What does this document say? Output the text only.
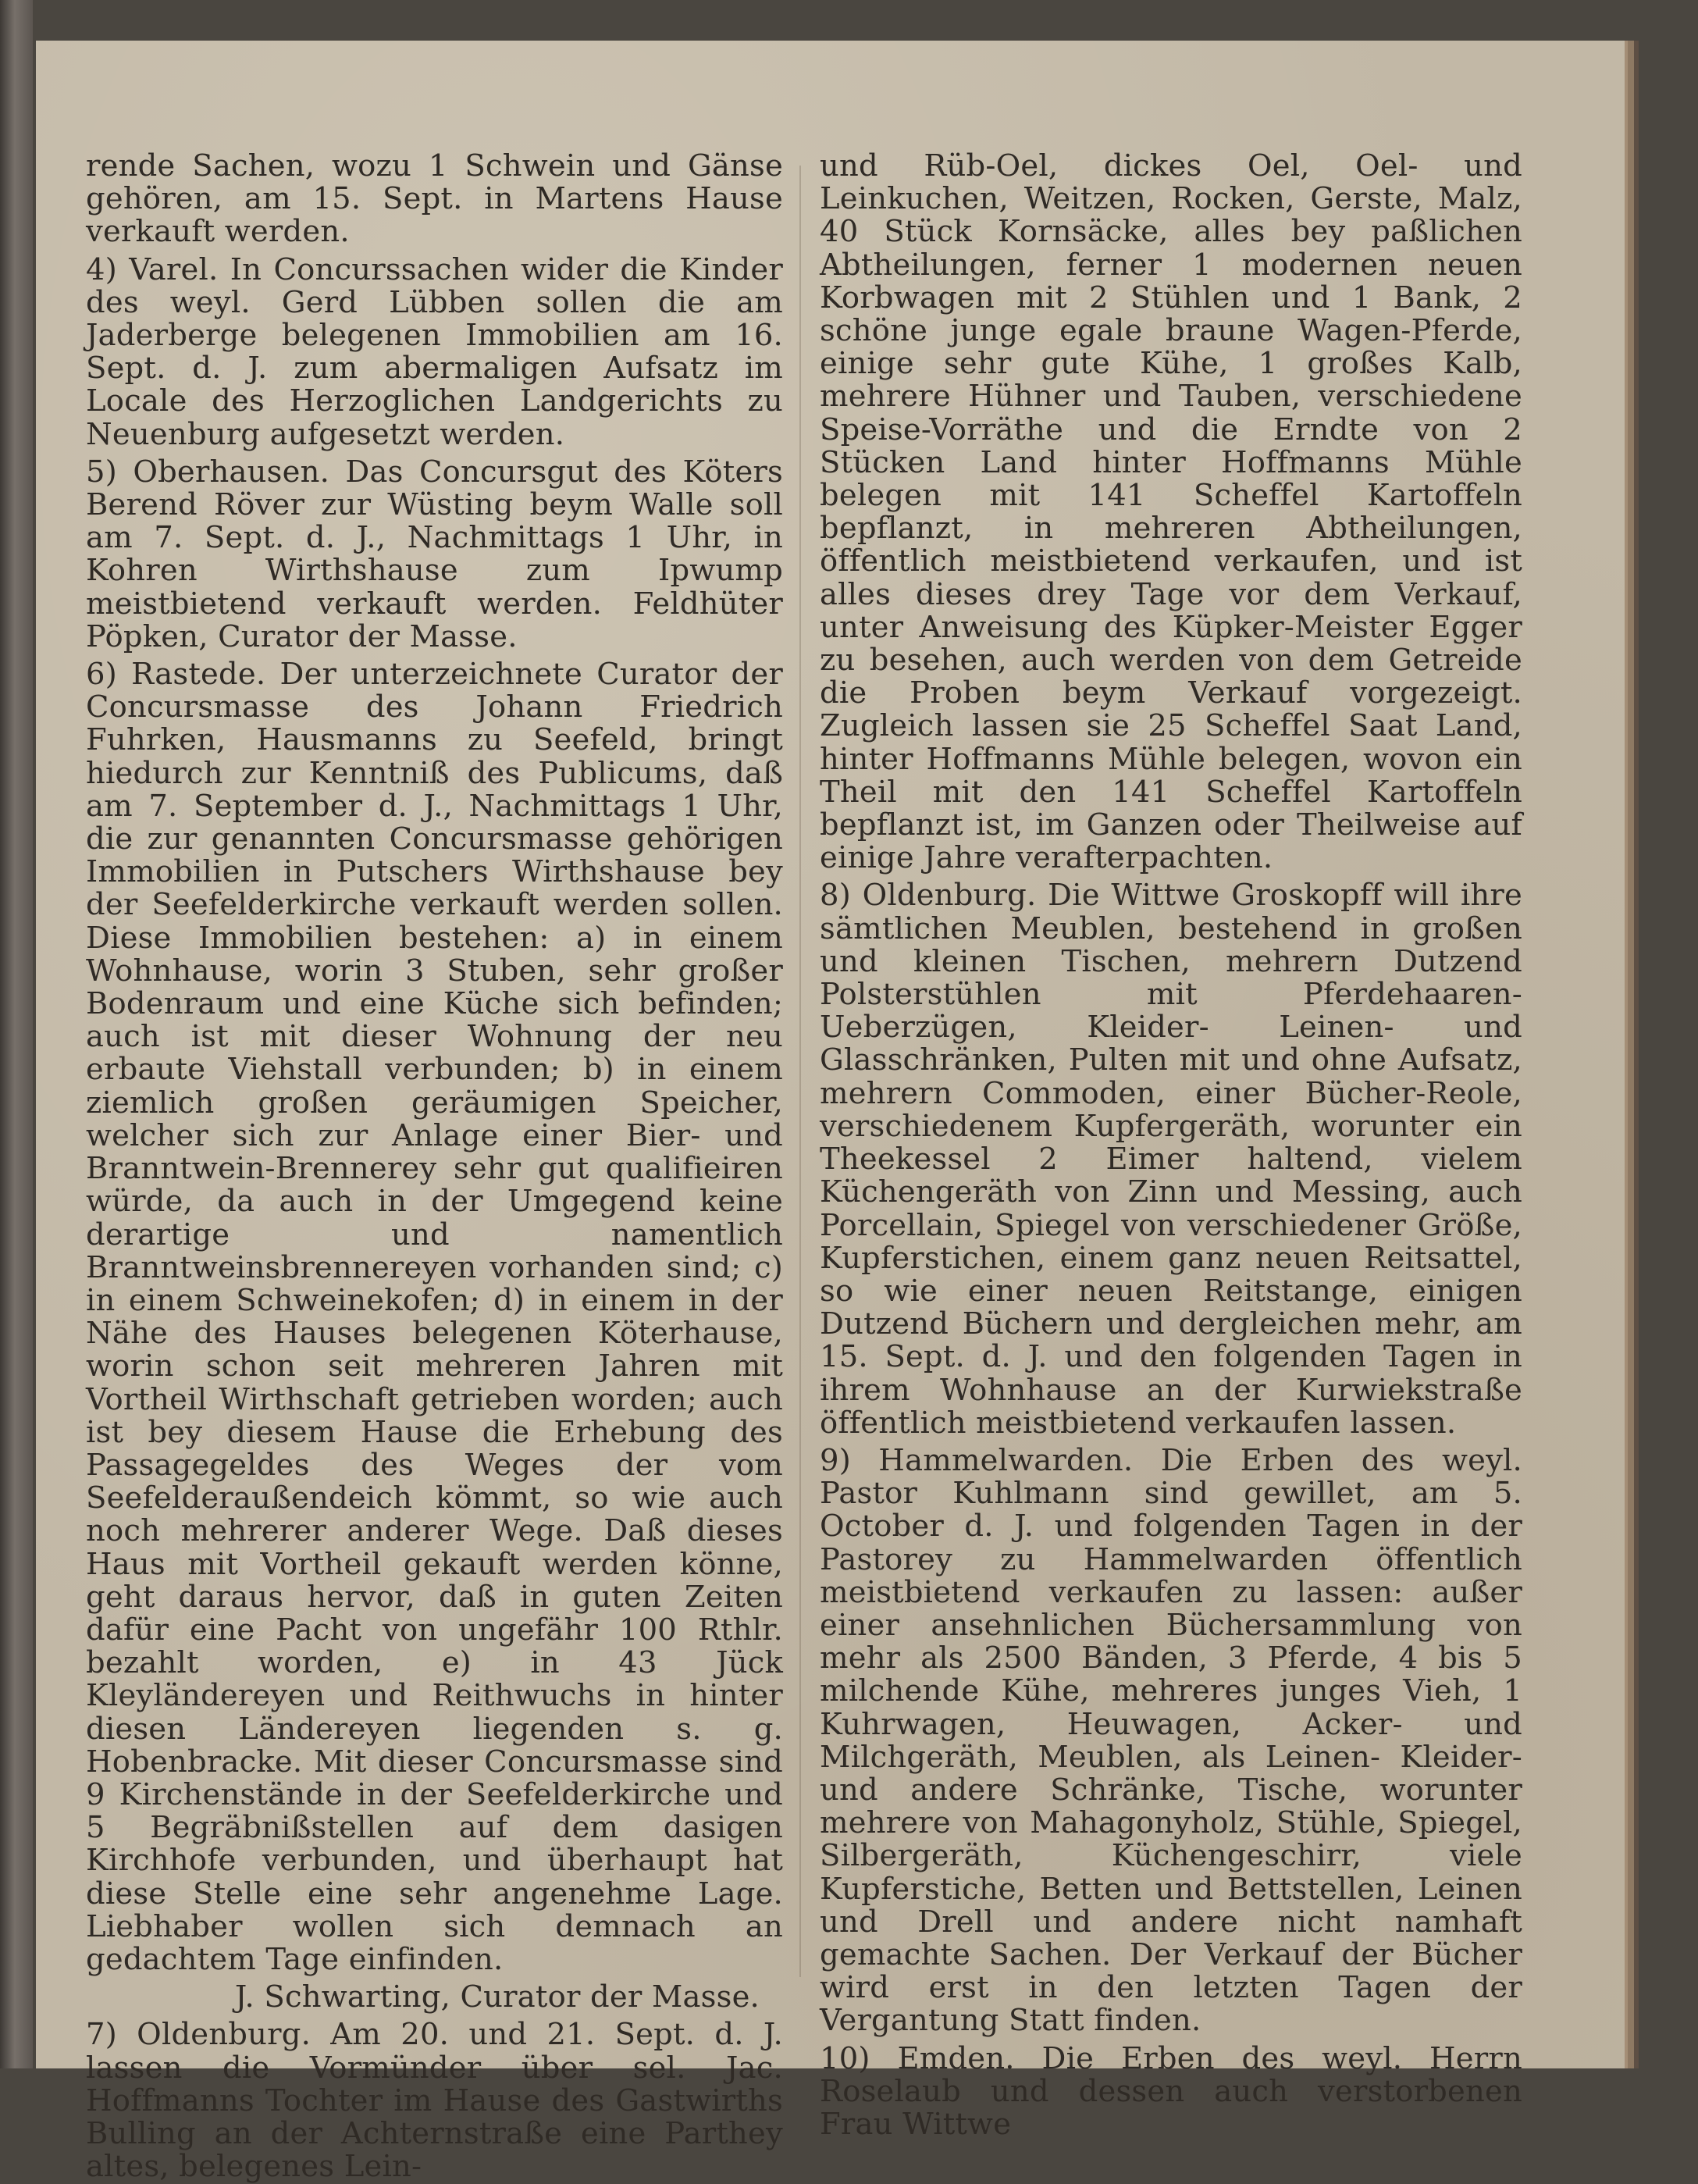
rende Sachen, wozu 1 Schwein und Gänse gehören, am 15. Sept. in Martens Hause verkauft werden.

4) Varel. In Concurssachen wider die Kinder des weyl. Gerd Lübben sollen die am Jaderberge belegenen Immobilien am 16. Sept. d. J. zum abermaligen Aufsatz im Locale des Herzoglichen Landgerichts zu Neuenburg aufgesetzt werden.

5) Oberhausen. Das Concursgut des Köters Berend Röver zur Wüsting beym Walle soll am 7. Sept. d. J., Nachmittags 1 Uhr, in Kohren Wirthshause zum Ipwump meistbietend verkauft werden. Feldhüter Pöpken, Curator der Masse.

6) Rastede. Der unterzeichnete Curator der Concursmasse des Johann Friedrich Fuhrken, Hausmanns zu Seefeld, bringt hiedurch zur Kenntniß des Publicums, daß am 7. September d. J., Nachmittags 1 Uhr, die zur genannten Concursmasse gehörigen Immobilien in Putschers Wirthshause bey der Seefelderkirche verkauft werden sollen. Diese Immobilien bestehen: a) in einem Wohnhause, worin 3 Stuben, sehr großer Bodenraum und eine Küche sich befinden; auch ist mit dieser Wohnung der neu erbaute Viehstall verbunden; b) in einem ziemlich großen geräumigen Speicher, welcher sich zur Anlage einer Bier- und Branntwein-Brennerey sehr gut qualifieiren würde, da auch in der Umgegend keine derartige und namentlich Branntweinsbrennereyen vorhanden sind; c) in einem Schweinekofen; d) in einem in der Nähe des Hauses belegenen Köterhause, worin schon seit mehreren Jahren mit Vortheil Wirthschaft getrieben worden; auch ist bey diesem Hause die Erhebung des Passagegeldes des Weges der vom Seefelderaußendeich kömmt, so wie auch noch mehrerer anderer Wege. Daß dieses Haus mit Vortheil gekauft werden könne, geht daraus hervor, daß in guten Zeiten dafür eine Pacht von ungefähr 100 Rthlr. bezahlt worden, e) in 43 Jück Kleyländereyen und Reithwuchs in hinter diesen Ländereyen liegenden s. g. Hobenbracke. Mit dieser Concursmasse sind 9 Kirchenstände in der Seefelderkirche und 5 Begräbnißstellen auf dem dasigen Kirchhofe verbunden, und überhaupt hat diese Stelle eine sehr angenehme Lage. Liebhaber wollen sich demnach an gedachtem Tage einfinden.

J. Schwarting, Curator der Masse.

7) Oldenburg. Am 20. und 21. Sept. d. J. lassen die Vormünder über sel. Jac. Hoffmanns Tochter im Hause des Gastwirths Bulling an der Achternstraße eine Parthey altes, belegenes Lein-

und Rüb-Oel, dickes Oel, Oel- und Leinkuchen, Weitzen, Rocken, Gerste, Malz, 40 Stück Kornsäcke, alles bey paßlichen Abtheilungen, ferner 1 modernen neuen Korbwagen mit 2 Stühlen und 1 Bank, 2 schöne junge egale braune Wagen-Pferde, einige sehr gute Kühe, 1 großes Kalb, mehrere Hühner und Tauben, verschiedene Speise-Vorräthe und die Erndte von 2 Stücken Land hinter Hoffmanns Mühle belegen mit 141 Scheffel Kartoffeln bepflanzt, in mehreren Abtheilungen, öffentlich meistbietend verkaufen, und ist alles dieses drey Tage vor dem Verkauf, unter Anweisung des Küpker-Meister Egger zu besehen, auch werden von dem Getreide die Proben beym Verkauf vorgezeigt. Zugleich lassen sie 25 Scheffel Saat Land, hinter Hoffmanns Mühle belegen, wovon ein Theil mit den 141 Scheffel Kartoffeln bepflanzt ist, im Ganzen oder Theilweise auf einige Jahre verafterpachten.

8) Oldenburg. Die Wittwe Groskopff will ihre sämtlichen Meublen, bestehend in großen und kleinen Tischen, mehrern Dutzend Polsterstühlen mit Pferdehaaren-Ueberzügen, Kleider- Leinen- und Glasschränken, Pulten mit und ohne Aufsatz, mehrern Commoden, einer Bücher-Reole, verschiedenem Kupfergeräth, worunter ein Theekessel 2 Eimer haltend, vielem Küchengeräth von Zinn und Messing, auch Porcellain, Spiegel von verschiedener Größe, Kupferstichen, einem ganz neuen Reitsattel, so wie einer neuen Reitstange, einigen Dutzend Büchern und dergleichen mehr, am 15. Sept. d. J. und den folgenden Tagen in ihrem Wohnhause an der Kurwiekstraße öffentlich meistbietend verkaufen lassen.

9) Hammelwarden. Die Erben des weyl. Pastor Kuhlmann sind gewillet, am 5. October d. J. und folgenden Tagen in der Pastorey zu Hammelwarden öffentlich meistbietend verkaufen zu lassen: außer einer ansehnlichen Büchersammlung von mehr als 2500 Bänden, 3 Pferde, 4 bis 5 milchende Kühe, mehreres junges Vieh, 1 Kuhrwagen, Heuwagen, Acker- und Milchgeräth, Meublen, als Leinen- Kleider- und andere Schränke, Tische, worunter mehrere von Mahagonyholz, Stühle, Spiegel, Silbergeräth, Küchengeschirr, viele Kupferstiche, Betten und Bettstellen, Leinen und Drell und andere nicht namhaft gemachte Sachen. Der Verkauf der Bücher wird erst in den letzten Tagen der Vergantung Statt finden.

10) Emden. Die Erben des weyl. Herrn Roselaub und dessen auch verstorbenen Frau Wittwe
